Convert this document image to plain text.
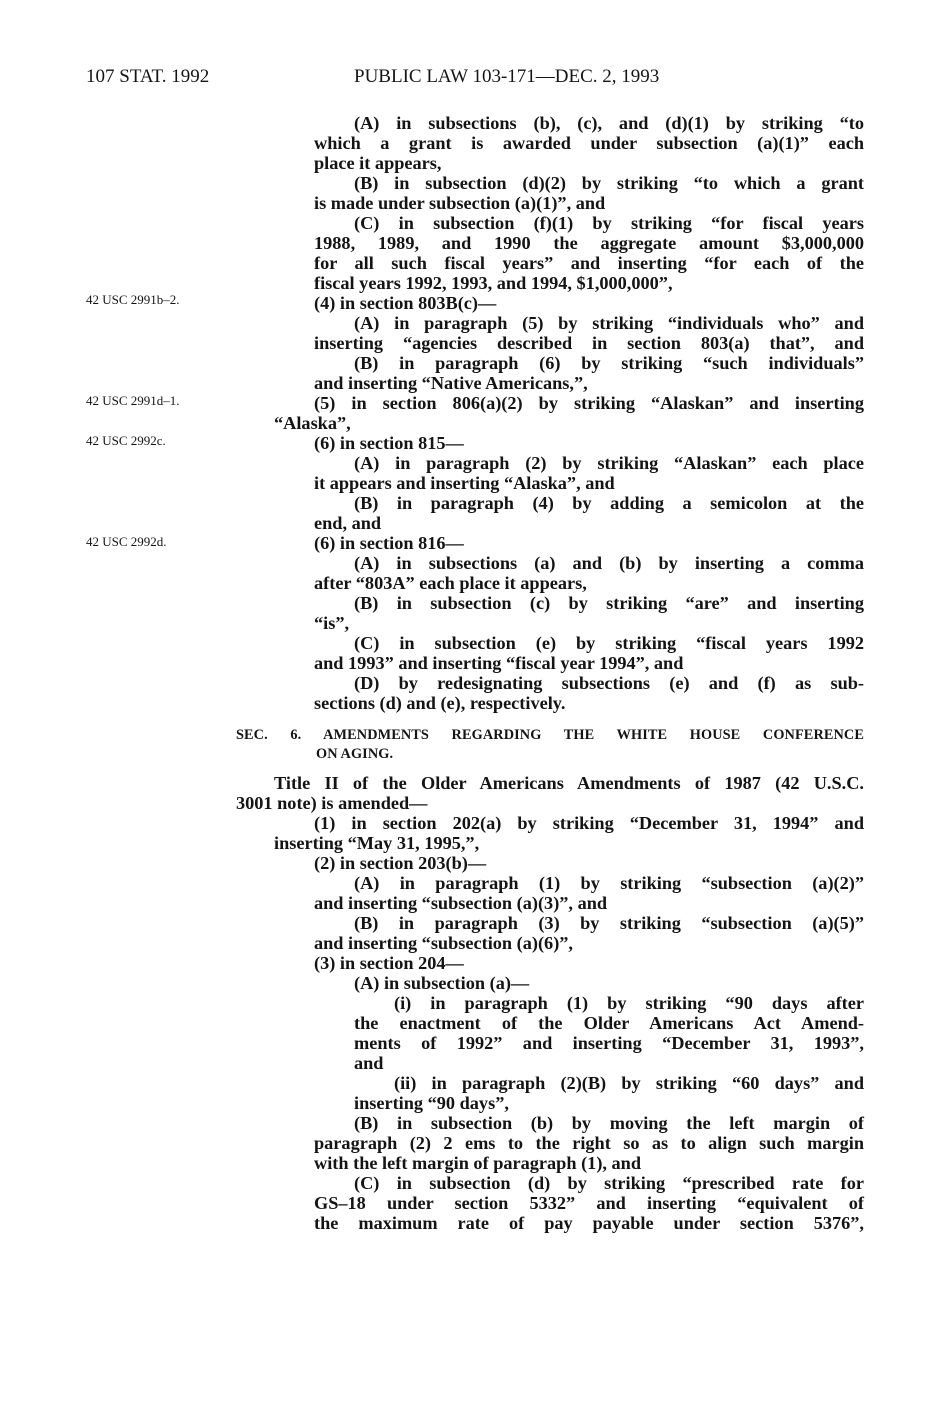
107 STAT. 1992	PUBLIC LAW 103-171—DEC. 2, 1993
42 USC 2991b–2.
42 USC 2991d–1.
42 USC 2992c.
42 USC 2992d.
(A) in subsections (b), (c), and (d)(1) by striking “to
which a grant is awarded under subsection (a)(1)” each
place it appears,
(B) in subsection (d)(2) by striking “to which a grant
is made under subsection (a)(1)”, and
(C) in subsection (f)(1) by striking “for fiscal years
1988, 1989, and 1990 the aggregate amount $3,000,000
for all such fiscal years” and inserting “for each of the
fiscal years 1992, 1993, and 1994, $1,000,000”,
(4) in section 803B(c)—
(A) in paragraph (5) by striking “individuals who” and
inserting “agencies described in section 803(a) that”, and
(B) in paragraph (6) by striking “such individuals”
and inserting “Native Americans,”,
(5) in section 806(a)(2) by striking “Alaskan” and inserting
“Alaska”,
(6) in section 815—
(A) in paragraph (2) by striking “Alaskan” each place
it appears and inserting “Alaska”, and
(B) in paragraph (4) by adding a semicolon at the
end, and
(6) in section 816—
(A) in subsections (a) and (b) by inserting a comma
after “803A” each place it appears,
(B) in subsection (c) by striking “are” and inserting
“is”,
(C) in subsection (e) by striking “fiscal years 1992
and 1993” and inserting “fiscal year 1994”, and
(D) by redesignating subsections (e) and (f) as sub-
sections (d) and (e), respectively.
SEC. 6. AMENDMENTS REGARDING THE WHITE HOUSE CONFERENCE
ON AGING.
Title II of the Older Americans Amendments of 1987 (42 U.S.C.
3001 note) is amended—
(1) in section 202(a) by striking “December 31, 1994” and
inserting “May 31, 1995,”,
(2) in section 203(b)—
(A) in paragraph (1) by striking “subsection (a)(2)”
and inserting “subsection (a)(3)”, and
(B) in paragraph (3) by striking “subsection (a)(5)”
and inserting “subsection (a)(6)”,
(3) in section 204—
(A) in subsection (a)—
(i) in paragraph (1) by striking “90 days after
the enactment of the Older Americans Act Amend-
ments of 1992” and inserting “December 31, 1993”,
and
(ii) in paragraph (2)(B) by striking “60 days” and
inserting “90 days”,
(B) in subsection (b) by moving the left margin of
paragraph (2) 2 ems to the right so as to align such margin
with the left margin of paragraph (1), and
(C) in subsection (d) by striking “prescribed rate for
GS–18 under section 5332” and inserting “equivalent of
the maximum rate of pay payable under section 5376”,
